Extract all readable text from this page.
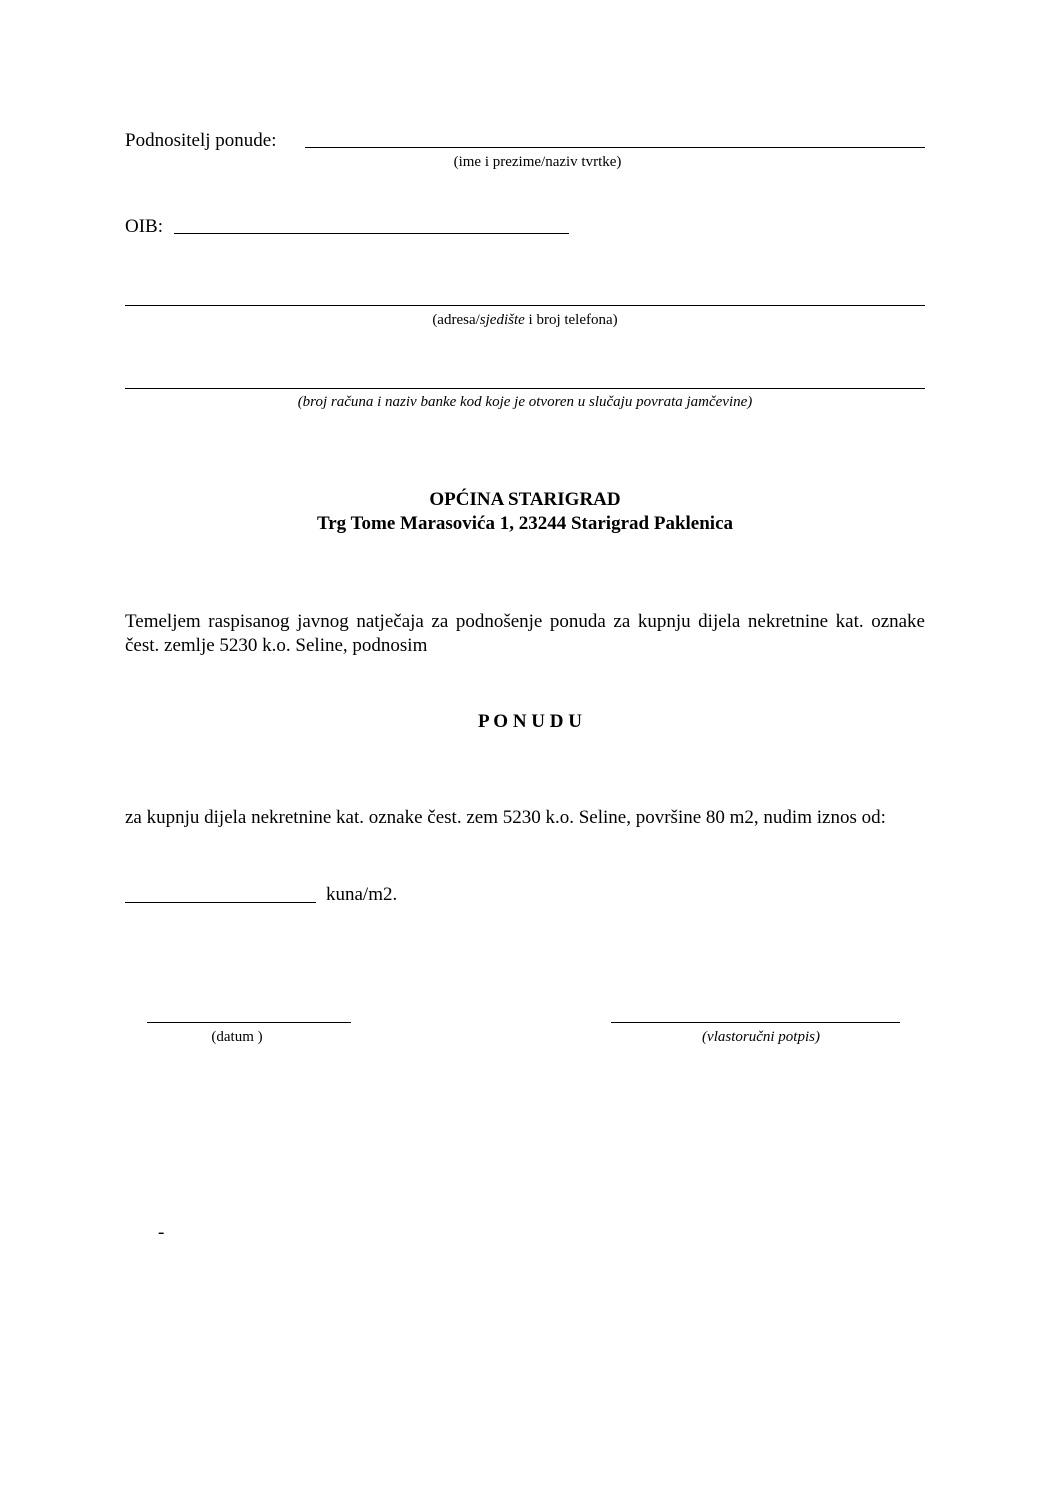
Podnositelj ponude:
(ime i prezime/naziv tvrtke)
OIB:
(adresa/sjedište i broj telefona)
(broj računa i naziv banke kod koje je otvoren u slučaju povrata jamčevine)
OPĆINA STARIGRAD
Trg Tome Marasovića 1, 23244 Starigrad Paklenica
Temeljem raspisanog javnog natječaja za podnošenje ponuda za kupnju dijela nekretnine kat. oznake čest. zemlje 5230 k.o. Seline, podnosim
P O N U D U
za kupnju dijela nekretnine kat. oznake čest. zem 5230 k.o. Seline, površine 80 m2, nudim iznos od:
kuna/m2.
(datum )	(vlastoručni potpis)
-
